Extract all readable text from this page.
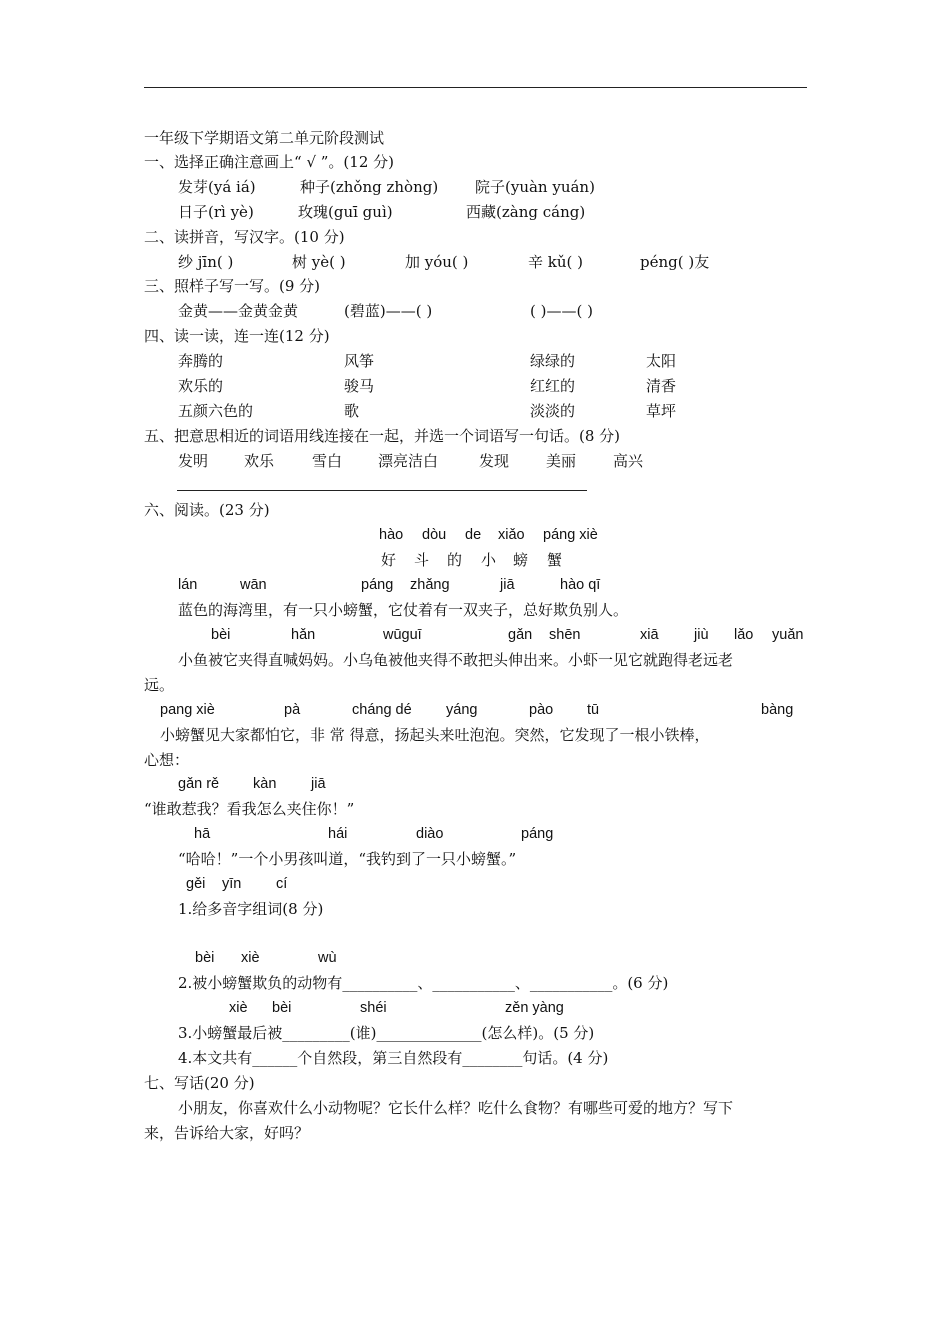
一年级下学期语文第二单元阶段测试
一、选择正确注意画上“ √ ”。(12 分)
发芽(yá iá)	种子(zhǒng zhòng) 院子(yuàn yuán)
日子(rì yè)	玫瑰(guī guì)	西藏(zàng cáng)
二、读拼音，写汉字。(10 分)
纱 jīn( )	树 yè( )	加 yóu( )	辛 kǔ( )	péng( )友
三、照样子写一写。(9 分)
金黄——金黄金黄	(碧蓝)——( )	( )——( )
四、读一读，连一连(12 分)
奔腾的	风筝	绿绿的	太阳
欢乐的	骏马	红红的	清香
五颜六色的	歌	淡淡的	草坪
五、把意思相近的词语用线连接在一起，并选一个词语写一句话。(8 分)
发明 欢乐	雪白 漂亮洁白	发现 美丽 高兴
六、阅读。(23 分)
hào dòu de xiǎo páng xiè
好 斗 的 小 螃 蟹
lán	wān	páng zhǎng	jiā	hào qī
蓝色的海湾里，有一只小螃蟹，它仗着有一双夹子，总好欺负别人。
bèi	hǎn	wūguī	gǎn shēn	xiā jiù lǎo yuǎn
小鱼被它夹得直喊妈妈。小乌龟被他夹得不敢把头伸出来。小虾一见它就跑得老远老
远。
pang xiè	pà	cháng dé yáng	pào tū	bàng
小螃蟹见大家都怕它，非 常 得意，扬起头来吐泡泡。突然，它发现了一根小铁棒，
心想：
gǎn rě kàn jiā
“谁敢惹我？看我怎么夹住你！”
hā	hái	diào	páng
“哈哈！”一个小男孩叫道，“我钓到了一只小螃蟹。”
gěi yīn cí
1.给多音字组词(8 分)
bèi xiè	wù
2.被小螃蟹欺负的动物有__________、___________、___________。(6 分)
xiè bèi	shéi	zěn yàng
3.小螃蟹最后被_________(谁)______________(怎么样)。(5 分)
4.本文共有______个自然段，第三自然段有________句话。(4 分)
七、写话(20 分)
小朋友，你喜欢什么小动物呢？它长什么样？吃什么食物？有哪些可爱的地方？写下
来，告诉给大家，好吗？
